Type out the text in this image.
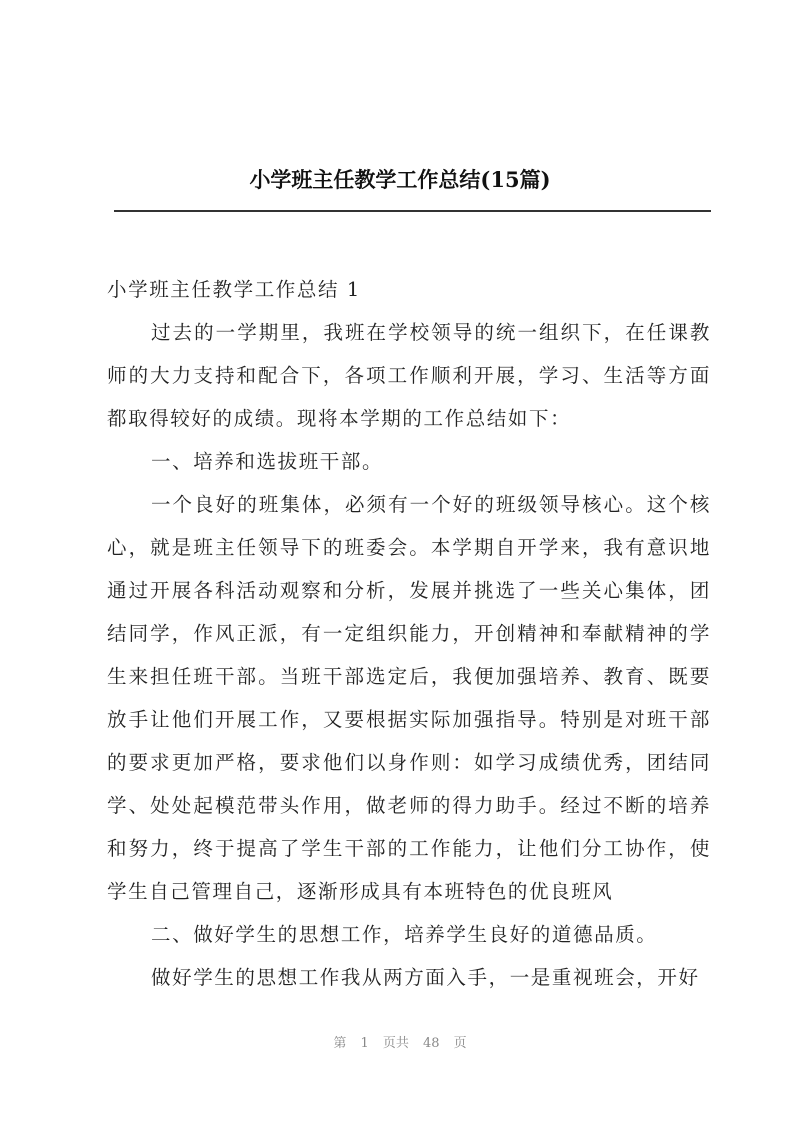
小学班主任教学工作总结(15篇)
小学班主任教学工作总结 1
过去的一学期里，我班在学校领导的统一组织下，在任课教
师的大力支持和配合下，各项工作顺利开展，学习、生活等方面
都取得较好的成绩。现将本学期的工作总结如下：
一、培养和选拔班干部。
一个良好的班集体，必须有一个好的班级领导核心。这个核
心，就是班主任领导下的班委会。本学期自开学来，我有意识地
通过开展各科活动观察和分析，发展并挑选了一些关心集体，团
结同学，作风正派，有一定组织能力，开创精神和奉献精神的学
生来担任班干部。当班干部选定后，我便加强培养、教育、既要
放手让他们开展工作，又要根据实际加强指导。特别是对班干部
的要求更加严格，要求他们以身作则：如学习成绩优秀，团结同
学、处处起模范带头作用，做老师的得力助手。经过不断的培养
和努力，终于提高了学生干部的工作能力，让他们分工协作，使
学生自己管理自己，逐渐形成具有本班特色的优良班风
二、做好学生的思想工作，培养学生良好的道德品质。
做好学生的思想工作我从两方面入手，一是重视班会，开好
第 1 页共 48 页
